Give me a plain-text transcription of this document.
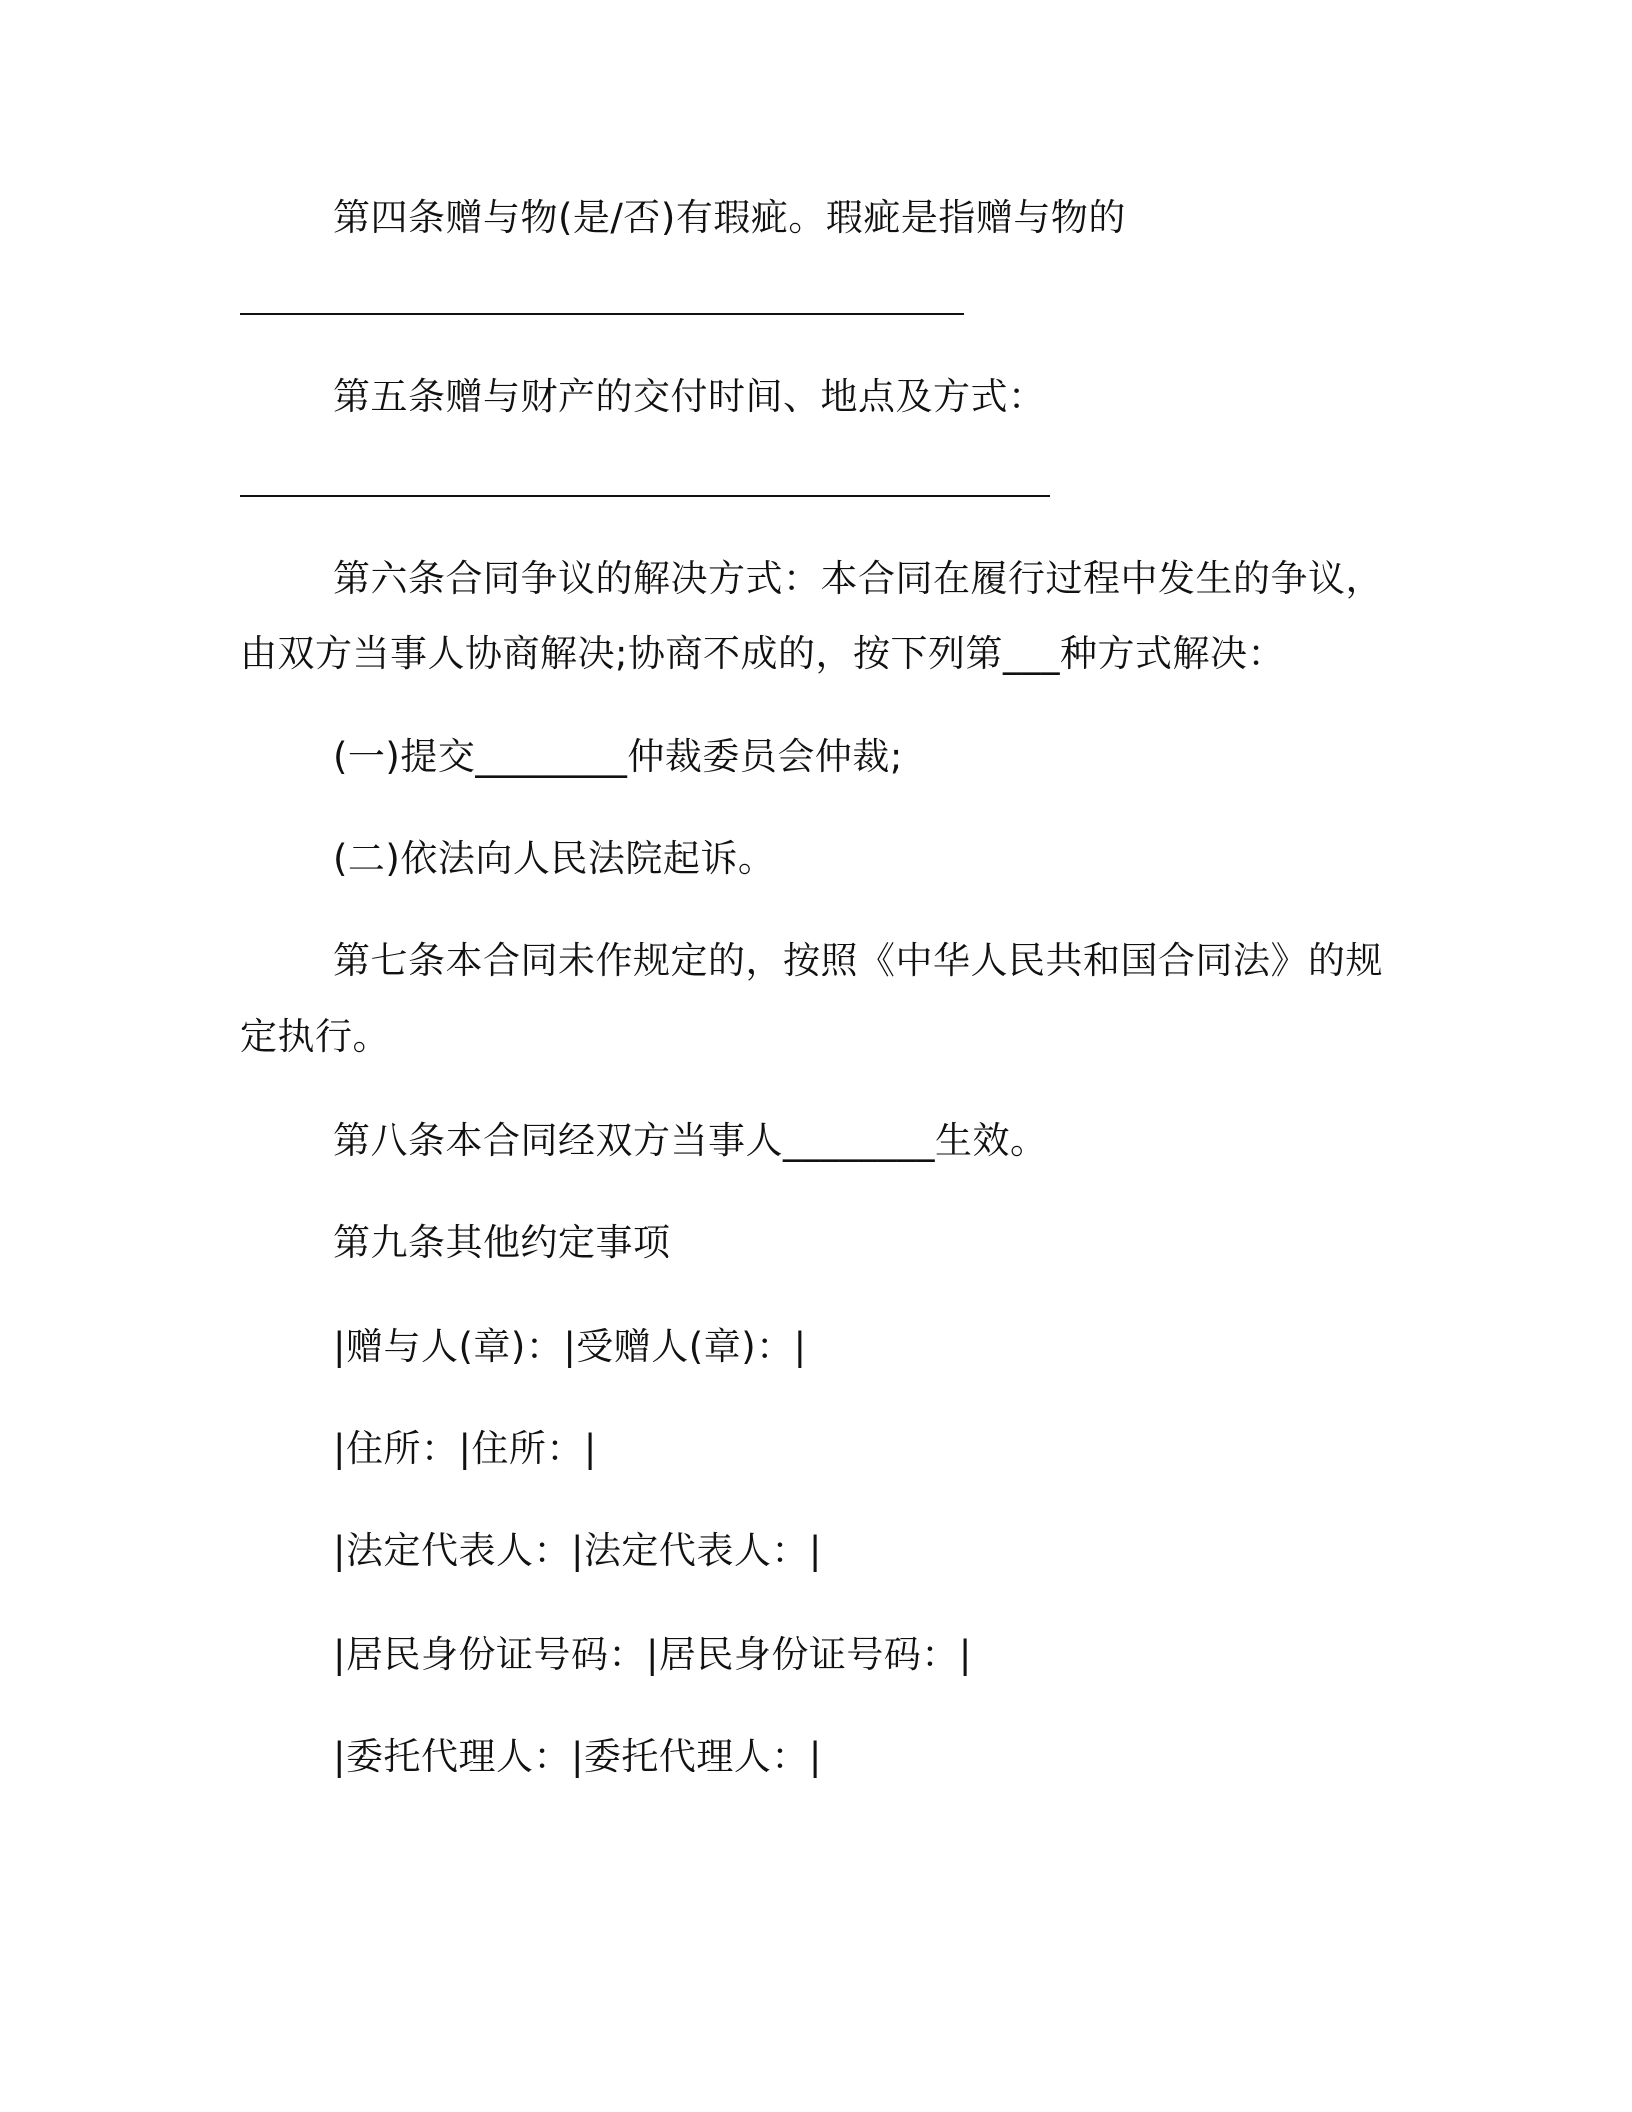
第四条赠与物(是/否)有瑕疵。瑕疵是指赠与物的
第五条赠与财产的交付时间、地点及方式：
第六条合同争议的解决方式：本合同在履行过程中发生的争议，
由双方当事人协商解决;协商不成的，按下列第___种方式解决：
(一)提交________仲裁委员会仲裁;
(二)依法向人民法院起诉。
第七条本合同未作规定的，按照《中华人民共和国合同法》的规
定执行。
第八条本合同经双方当事人________生效。
第九条其他约定事项
|赠与人(章)：|受赠人(章)：|
|住所：|住所：|
|法定代表人：|法定代表人：|
|居民身份证号码：|居民身份证号码：|
|委托代理人：|委托代理人：|
